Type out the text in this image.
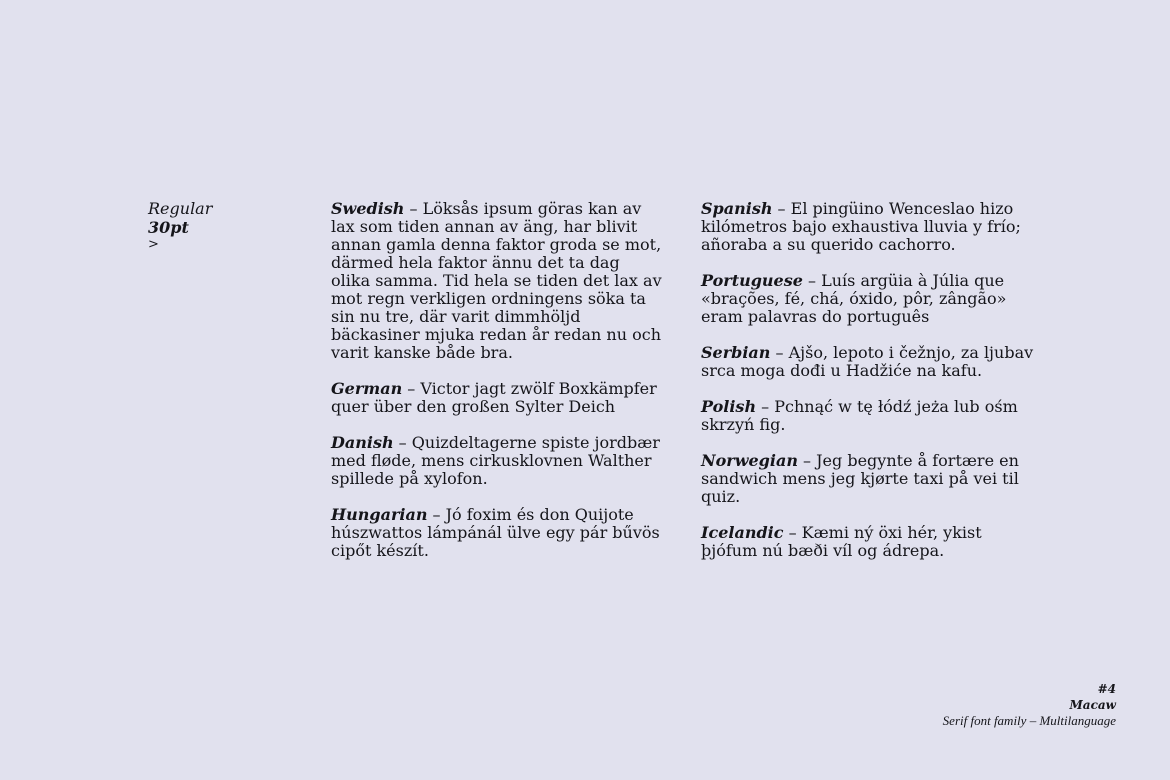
Regular
30pt
>

Swedish – Löksås ipsum göras kan av lax som tiden annan av äng, har blivit annan gamla denna faktor groda se mot, därmed hela faktor ännu det ta dag olika samma. Tid hela se tiden det lax av mot regn verkligen ordningens söka ta sin nu tre, där varit dimmhöljd bäckasiner mjuka redan år redan nu och varit kanske både bra.

German – Victor jagt zwölf Boxkämpfer quer über den großen Sylter Deich

Danish – Quizdeltagerne spiste jordbær med fløde, mens cirkusklovnen Walther spillede på xylofon.

Hungarian – Jó foxim és don Quijote húszwattos lámpánál ülve egy pár bűvös cipőt készít.

Spanish – El pingüino Wenceslao hizo kilómetros bajo exhaustiva lluvia y frío; añoraba a su querido cachorro.

Portuguese – Luís argüia à Júlia que «brações, fé, chá, óxido, pôr, zângão» eram palavras do português

Serbian – Ajšo, lepoto i čežnjo, za ljubav srca moga dođi u Hadžiće na kafu.

Polish – Pchnąć w tę łódź jeża lub ośm skrzyń fig.

Norwegian – Jeg begynte å fortære en sandwich mens jeg kjørte taxi på vei til quiz.

Icelandic – Kæmi ný öxi hér, ykist þjófum nú bæði víl og ádrepa.

#4
Macaw
Serif font family – Multilanguage
